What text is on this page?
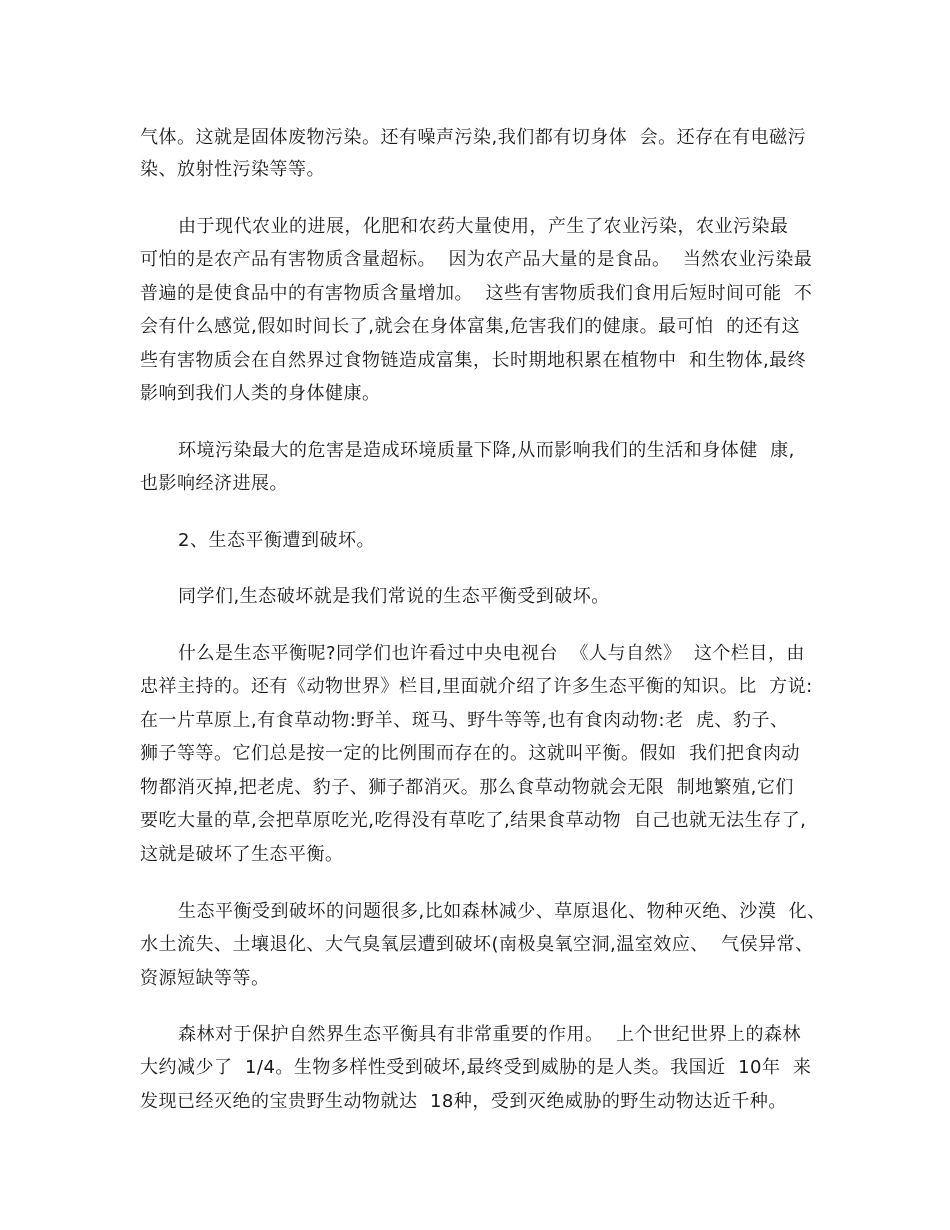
气体。这就是固体废物污染。还有噪声污染,我们都有切身体  会。还存在有电磁污
染、放射性污染等等。
由于现代农业的进展，化肥和农药大量使用，产生了农业污染，农业污染最
可怕的是农产品有害物质含量超标。  因为农产品大量的是食品。  当然农业污染最
普遍的是使食品中的有害物质含量增加。  这些有害物质我们食用后短时间可能  不
会有什么感觉,假如时间长了,就会在身体富集,危害我们的健康。最可怕  的还有这
些有害物质会在自然界过食物链造成富集，长时期地积累在植物中  和生物体,最终
影响到我们人类的身体健康。
环境污染最大的危害是造成环境质量下降,从而影响我们的生活和身体健  康,
也影响经济进展。
2、生态平衡遭到破坏。
同学们,生态破坏就是我们常说的生态平衡受到破坏。
什么是生态平衡呢?同学们也许看过中央电视台  《人与自然》  这个栏目，由
忠祥主持的。还有《动物世界》栏目,里面就介绍了许多生态平衡的知识。比  方说:
在一片草原上,有食草动物:野羊、斑马、野牛等等,也有食肉动物:老  虎、豹子、
狮子等等。它们总是按一定的比例围而存在的。这就叫平衡。假如  我们把食肉动
物都消灭掉,把老虎、豹子、狮子都消灭。那么食草动物就会无限  制地繁殖,它们
要吃大量的草,会把草原吃光,吃得没有草吃了,结果食草动物  自己也就无法生存了,
这就是破坏了生态平衡。
生态平衡受到破坏的问题很多,比如森林减少、草原退化、物种灭绝、沙漠  化、
水土流失、土壤退化、大气臭氧层遭到破坏(南极臭氧空洞,温室效应、  气侯异常、
资源短缺等等。
森林对于保护自然界生态平衡具有非常重要的作用。  上个世纪世界上的森林
大约减少了  1/4。生物多样性受到破坏,最终受到威胁的是人类。我国近  10年  来
发现已经灭绝的宝贵野生动物就达  18种，受到灭绝威胁的野生动物达近千种。
